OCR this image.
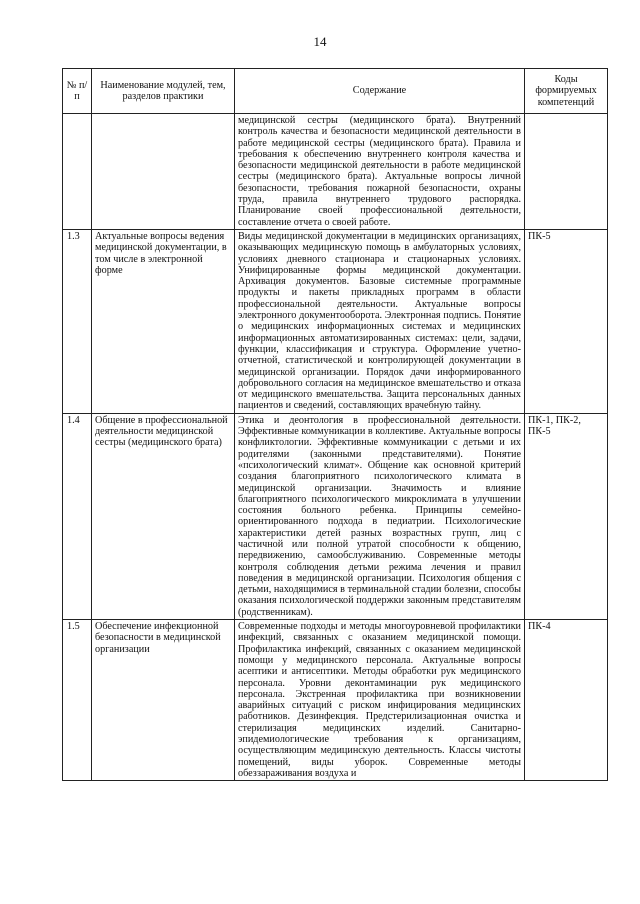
14
№ п/п	Наименование модулей, тем, разделов практики	Содержание	Коды формируемых компетенций
		медицинской сестры (медицинского брата). Внутренний контроль качества и безопасности медицинской деятельности в работе медицинской сестры (медицинского брата). Правила и требования к обеспечению внутреннего контроля качества и безопасности медицинской деятельности в работе медицинской сестры (медицинского брата). Актуальные вопросы личной безопасности, требования пожарной безопасности, охраны труда, правила внутреннего трудового распорядка. Планирование своей профессиональной деятельности, составление отчета о своей работе.	
1.3	Актуальные вопросы ведения медицинской документации, в том числе в электронной форме	Виды медицинской документации в медицинских организациях, оказывающих медицинскую помощь в амбулаторных условиях, условиях дневного стационара и стационарных условиях. Унифицированные формы медицинской документации. Архивация документов. Базовые системные программные продукты и пакеты прикладных программ в области профессиональной деятельности. Актуальные вопросы электронного документооборота. Электронная подпись. Понятие о медицинских информационных системах и медицинских информационных автоматизированных системах: цели, задачи, функции, классификация и структура. Оформление учетно-отчетной, статистической и контролирующей документации в медицинской организации. Порядок дачи информированного добровольного согласия на медицинское вмешательство и отказа от медицинского вмешательства. Защита персональных данных пациентов и сведений, составляющих врачебную тайну.	ПК-5
1.4	Общение в профессиональной деятельности медицинской сестры (медицинского брата)	Этика и деонтология в профессиональной деятельности. Эффективные коммуникации в коллективе. Актуальные вопросы конфликтологии. Эффективные коммуникации с детьми и их родителями (законными представителями). Понятие «психологический климат». Общение как основной критерий создания благоприятного психологического климата в медицинской организации. Значимость и влияние благоприятного психологического микроклимата в улучшении состояния больного ребенка. Принципы семейно-ориентированного подхода в педиатрии. Психологические характеристики детей разных возрастных групп, лиц с частичной или полной утратой способности к общению, передвижению, самообслуживанию. Современные методы контроля соблюдения детьми режима лечения и правил поведения в медицинской организации. Психология общения с детьми, находящимися в терминальной стадии болезни, способы оказания психологической поддержки законным представителям (родственникам).	ПК-1, ПК-2, ПК-5
1.5	Обеспечение инфекционной безопасности в медицинской организации	Современные подходы и методы многоуровневой профилактики инфекций, связанных с оказанием медицинской помощи. Профилактика инфекций, связанных с оказанием медицинской помощи у медицинского персонала. Актуальные вопросы асептики и антисептики. Методы обработки рук медицинского персонала. Уровни деконтаминации рук медицинского персонала. Экстренная профилактика при возникновении аварийных ситуаций с риском инфицирования медицинских работников. Дезинфекция. Предстерилизационная очистка и стерилизация медицинских изделий. Санитарно-эпидемиологические требования к организациям, осуществляющим медицинскую деятельность. Классы чистоты помещений, виды уборок. Современные методы обеззараживания воздуха и	ПК-4
